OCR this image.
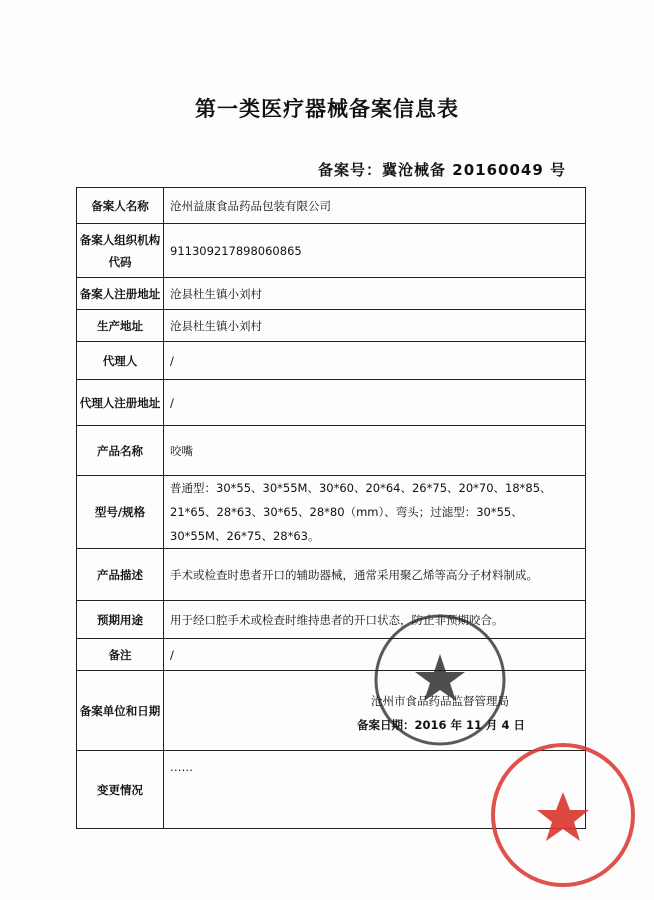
第一类医疗器械备案信息表
备案号：冀沧械备 20160049 号
备案人名称	沧州益康食品药品包装有限公司
备案人组织机构代码	911309217898060865
备案人注册地址	沧县杜生镇小刘村
生产地址	沧县杜生镇小刘村
代理人	/
代理人注册地址	/
产品名称	咬嘴
型号/规格	普通型：30*55、30*55M、30*60、20*64、26*75、20*70、18*85、21*65、28*63、30*65、28*80（mm）、弯头；过滤型：30*55、30*55M、26*75、28*63。
产品描述	手术或检查时患者开口的辅助器械，通常采用聚乙烯等高分子材料制成。
预期用途	用于经口腔手术或检查时维持患者的开口状态，防止非预期咬合。
备注	/
备案单位和日期	沧州市食品药品监督管理局
备案日期：2016 年 11 月 4 日

变更情况	……
